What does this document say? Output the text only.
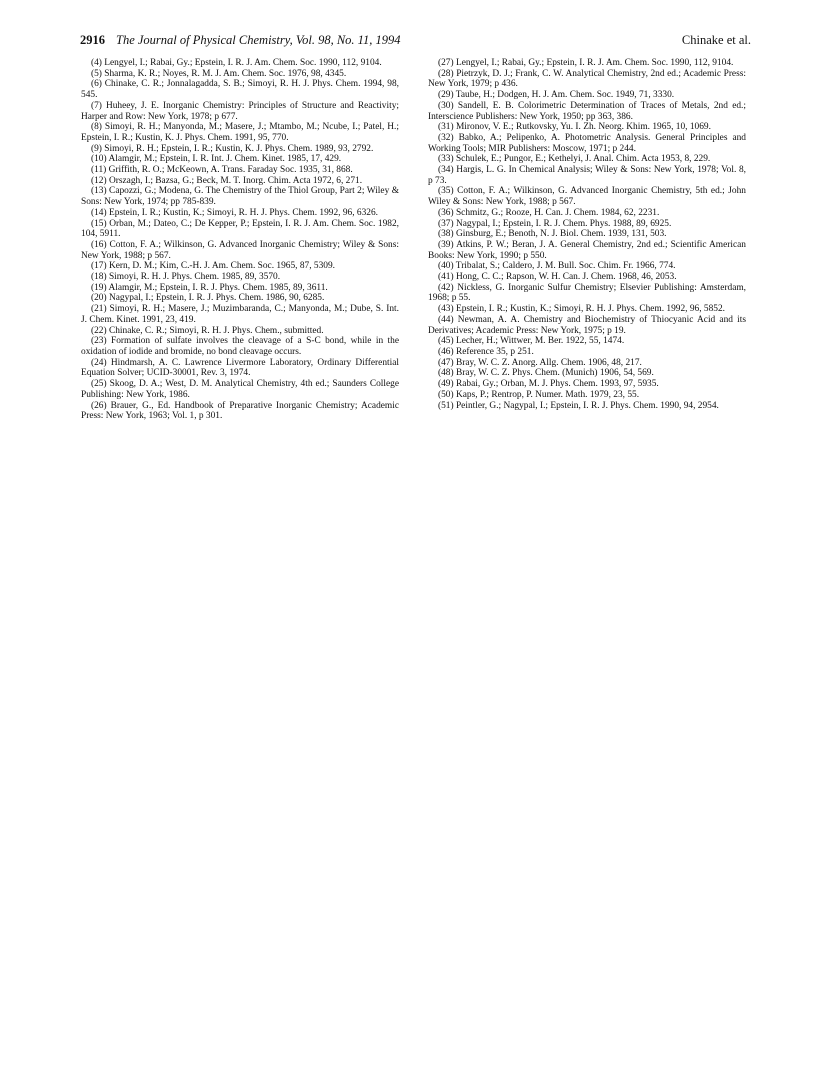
2916 The Journal of Physical Chemistry, Vol. 98, No. 11, 1994	Chinake et al.

(4) Lengyel, I.; Rabai, Gy.; Epstein, I. R. J. Am. Chem. Soc. 1990, 112, 9104.

(5) Sharma, K. R.; Noyes, R. M. J. Am. Chem. Soc. 1976, 98, 4345.

(6) Chinake, C. R.; Jonnalagadda, S. B.; Simoyi, R. H. J. Phys. Chem. 1994, 98, 545.

(7) Huheey, J. E. Inorganic Chemistry: Principles of Structure and Reactivity; Harper and Row: New York, 1978; p 677.

(8) Simoyi, R. H.; Manyonda, M.; Masere, J.; Mtambo, M.; Ncube, I.; Patel, H.; Epstein, I. R.; Kustin, K. J. Phys. Chem. 1991, 95, 770.

(9) Simoyi, R. H.; Epstein, I. R.; Kustin, K. J. Phys. Chem. 1989, 93, 2792.

(10) Alamgir, M.; Epstein, I. R. Int. J. Chem. Kinet. 1985, 17, 429.

(11) Griffith, R. O.; McKeown, A. Trans. Faraday Soc. 1935, 31, 868.

(12) Orszagh, I.; Bazsa, G.; Beck, M. T. Inorg. Chim. Acta 1972, 6, 271.

(13) Capozzi, G.; Modena, G. The Chemistry of the Thiol Group, Part 2; Wiley & Sons: New York, 1974; pp 785-839.

(14) Epstein, I. R.; Kustin, K.; Simoyi, R. H. J. Phys. Chem. 1992, 96, 6326.

(15) Orban, M.; Dateo, C.; De Kepper, P.; Epstein, I. R. J. Am. Chem. Soc. 1982, 104, 5911.

(16) Cotton, F. A.; Wilkinson, G. Advanced Inorganic Chemistry; Wiley & Sons: New York, 1988; p 567.

(17) Kern, D. M.; Kim, C.-H. J. Am. Chem. Soc. 1965, 87, 5309.

(18) Simoyi, R. H. J. Phys. Chem. 1985, 89, 3570.

(19) Alamgir, M.; Epstein, I. R. J. Phys. Chem. 1985, 89, 3611.

(20) Nagypal, I.; Epstein, I. R. J. Phys. Chem. 1986, 90, 6285.

(21) Simoyi, R. H.; Masere, J.; Muzimbaranda, C.; Manyonda, M.; Dube, S. Int. J. Chem. Kinet. 1991, 23, 419.

(22) Chinake, C. R.; Simoyi, R. H. J. Phys. Chem., submitted.

(23) Formation of sulfate involves the cleavage of a S-C bond, while in the oxidation of iodide and bromide, no bond cleavage occurs.

(24) Hindmarsh, A. C. Lawrence Livermore Laboratory, Ordinary Differential Equation Solver; UCID-30001, Rev. 3, 1974.

(25) Skoog, D. A.; West, D. M. Analytical Chemistry, 4th ed.; Saunders College Publishing: New York, 1986.

(26) Brauer, G., Ed. Handbook of Preparative Inorganic Chemistry; Academic Press: New York, 1963; Vol. 1, p 301.

(27) Lengyel, I.; Rabai, Gy.; Epstein, I. R. J. Am. Chem. Soc. 1990, 112, 9104.

(28) Pietrzyk, D. J.; Frank, C. W. Analytical Chemistry, 2nd ed.; Academic Press: New York, 1979; p 436.

(29) Taube, H.; Dodgen, H. J. Am. Chem. Soc. 1949, 71, 3330.

(30) Sandell, E. B. Colorimetric Determination of Traces of Metals, 2nd ed.; Interscience Publishers: New York, 1950; pp 363, 386.

(31) Mironov, V. E.; Rutkovsky, Yu. I. Zh. Neorg. Khim. 1965, 10, 1069.

(32) Babko, A.; Pelipenko, A. Photometric Analysis. General Principles and Working Tools; MIR Publishers: Moscow, 1971; p 244.

(33) Schulek, E.; Pungor, E.; Kethelyi, J. Anal. Chim. Acta 1953, 8, 229.

(34) Hargis, L. G. In Chemical Analysis; Wiley & Sons: New York, 1978; Vol. 8, p 73.

(35) Cotton, F. A.; Wilkinson, G. Advanced Inorganic Chemistry, 5th ed.; John Wiley & Sons: New York, 1988; p 567.

(36) Schmitz, G.; Rooze, H. Can. J. Chem. 1984, 62, 2231.

(37) Nagypal, I.; Epstein, I. R. J. Chem. Phys. 1988, 89, 6925.

(38) Ginsburg, E.; Benoth, N. J. Biol. Chem. 1939, 131, 503.

(39) Atkins, P. W.; Beran, J. A. General Chemistry, 2nd ed.; Scientific American Books: New York, 1990; p 550.

(40) Tribalat, S.; Caldero, J. M. Bull. Soc. Chim. Fr. 1966, 774.

(41) Hong, C. C.; Rapson, W. H. Can. J. Chem. 1968, 46, 2053.

(42) Nickless, G. Inorganic Sulfur Chemistry; Elsevier Publishing: Amsterdam, 1968; p 55.

(43) Epstein, I. R.; Kustin, K.; Simoyi, R. H. J. Phys. Chem. 1992, 96, 5852.

(44) Newman, A. A. Chemistry and Biochemistry of Thiocyanic Acid and its Derivatives; Academic Press: New York, 1975; p 19.

(45) Lecher, H.; Wittwer, M. Ber. 1922, 55, 1474.

(46) Reference 35, p 251.

(47) Bray, W. C. Z. Anorg. Allg. Chem. 1906, 48, 217.

(48) Bray, W. C. Z. Phys. Chem. (Munich) 1906, 54, 569.

(49) Rabai, Gy.; Orban, M. J. Phys. Chem. 1993, 97, 5935.

(50) Kaps, P.; Rentrop, P. Numer. Math. 1979, 23, 55.

(51) Peintler, G.; Nagypal, I.; Epstein, I. R. J. Phys. Chem. 1990, 94, 2954.
